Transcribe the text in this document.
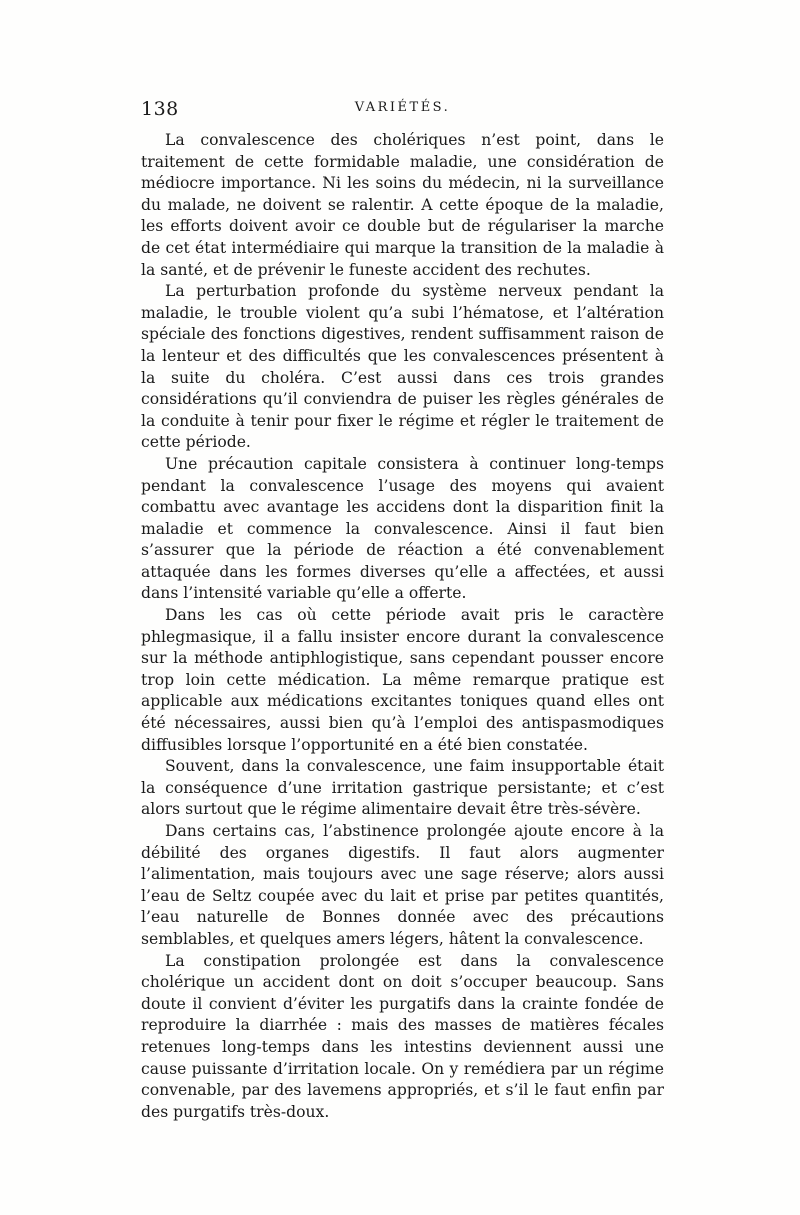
138	VARIÉTÉS.

La convalescence des cholériques n’est point, dans le traitement de cette formidable maladie, une considération de médiocre importance. Ni les soins du médecin, ni la surveillance du malade, ne doivent se ralentir. A cette époque de la maladie, les efforts doivent avoir ce double but de régulariser la marche de cet état intermédiaire qui marque la transition de la maladie à la santé, et de prévenir le funeste accident des rechutes.

La perturbation profonde du système nerveux pendant la maladie, le trouble violent qu’a subi l’hématose, et l’altération spéciale des fonctions digestives, rendent suffisamment raison de la lenteur et des difficultés que les convalescences présentent à la suite du choléra. C’est aussi dans ces trois grandes considérations qu’il conviendra de puiser les règles générales de la conduite à tenir pour fixer le régime et régler le traitement de cette période.

Une précaution capitale consistera à continuer long-temps pendant la convalescence l’usage des moyens qui avaient combattu avec avantage les accidens dont la disparition finit la maladie et commence la convalescence. Ainsi il faut bien s’assurer que la période de réaction a été convenablement attaquée dans les formes diverses qu’elle a affectées, et aussi dans l’intensité variable qu’elle a offerte.

Dans les cas où cette période avait pris le caractère phlegmasique, il a fallu insister encore durant la convalescence sur la méthode antiphlogistique, sans cependant pousser encore trop loin cette médication. La même remarque pratique est applicable aux médications excitantes toniques quand elles ont été nécessaires, aussi bien qu’à l’emploi des antispasmodiques diffusibles lorsque l’opportunité en a été bien constatée.

Souvent, dans la convalescence, une faim insupportable était la conséquence d’une irritation gastrique persistante; et c’est alors surtout que le régime alimentaire devait être très-sévère.

Dans certains cas, l’abstinence prolongée ajoute encore à la débilité des organes digestifs. Il faut alors augmenter l’alimentation, mais toujours avec une sage réserve; alors aussi l’eau de Seltz coupée avec du lait et prise par petites quantités, l’eau naturelle de Bonnes donnée avec des précautions semblables, et quelques amers légers, hâtent la convalescence.

La constipation prolongée est dans la convalescence cholérique un accident dont on doit s’occuper beaucoup. Sans doute il convient d’éviter les purgatifs dans la crainte fondée de reproduire la diarrhée : mais des masses de matières fécales retenues long-temps dans les intestins deviennent aussi une cause puissante d’irritation locale. On y remédiera par un régime convenable, par des lavemens appropriés, et s’il le faut enfin par des purgatifs très-doux.
